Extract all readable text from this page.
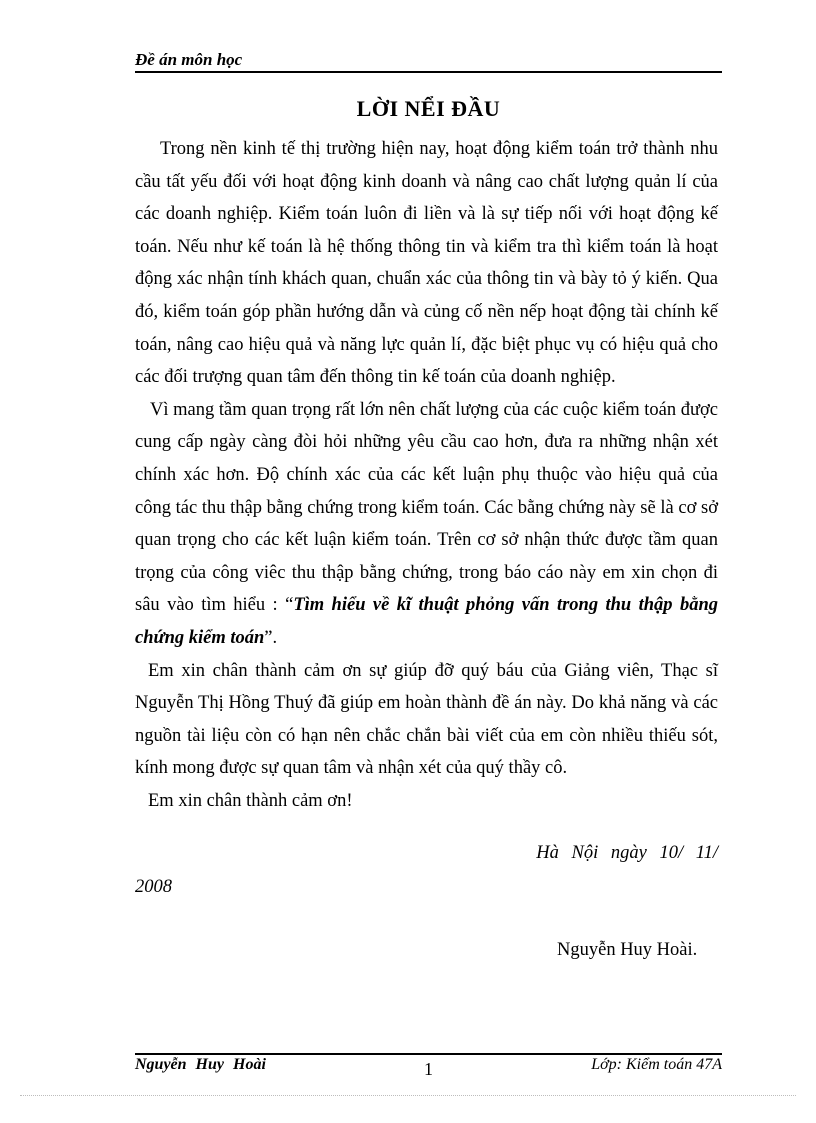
Đề án môn học
LỜI NỂI ĐẦU

Trong nền kinh tế thị trường hiện nay, hoạt động kiểm toán trở thành nhu cầu tất yếu đối với hoạt động kinh doanh và nâng cao chất lượng quản lí của các doanh nghiệp. Kiểm toán luôn đi liền và là sự tiếp nối với hoạt động kế toán. Nếu như kế toán là hệ thống thông tin và kiểm tra thì kiểm toán là hoạt động xác nhận tính khách quan, chuẩn xác của thông tin và bày tỏ ý kiến. Qua đó, kiểm toán góp phần hướng dẫn và củng cố nền nếp hoạt động tài chính kế toán, nâng cao hiệu quả và năng lực quản lí, đặc biệt phục vụ có hiệu quả cho các đối trượng quan tâm đến thông tin kế toán của doanh nghiệp.

Vì mang tầm quan trọng rất lớn nên chất lượng của các cuộc kiểm toán được cung cấp ngày càng đòi hỏi những yêu cầu cao hơn, đưa ra những nhận xét chính xác hơn. Độ chính xác của các kết luận phụ thuộc vào hiệu quả của công tác thu thập bằng chứng trong kiểm toán. Các bằng chứng này sẽ là cơ sở quan trọng cho các kết luận kiểm toán. Trên cơ sở nhận thức được tầm quan trọng của công viêc thu thập bằng chứng, trong báo cáo này em xin chọn đi sâu vào tìm hiểu : “Tìm hiểu về kĩ thuật phỏng vấn trong thu thập bằng chứng kiểm toán”.

Em xin chân thành cảm ơn sự giúp đỡ quý báu của Giảng viên, Thạc sĩ Nguyễn Thị Hồng Thuý đã giúp em hoàn thành đề án này. Do khả năng và các nguồn tài liệu còn có hạn nên chắc chắn bài viết của em còn nhiều thiếu sót, kính mong được sự quan tâm và nhận xét của quý thầy cô.

Em xin chân thành cảm ơn!

Hà Nội ngày 10/ 11/
2008
Nguyễn Huy Hoài.
Nguyễn Huy Hoài	1	Lớp: Kiểm toán 47A
